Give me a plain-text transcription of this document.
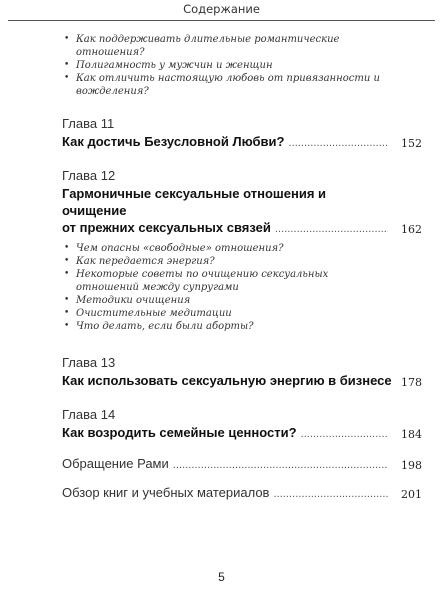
Содержание
• Как поддерживать длительные романтические отношения?
• Полигамность у мужчин и женщин
• Как отличить настоящую любовь от привязанности и вожделения?
Глава 11
Как достичь Безусловной Любви? . . .	152
Глава 12
Гармоничные сексуальные отношения и очищение
от прежних сексуальных связей . . .	162
• Чем опасны «свободные» отношения?
• Как передается энергия?
• Некоторые советы по очищению сексуальных отношений между супругами
• Методики очищения
• Очистительные медитации
• Что делать, если были аборты?
Глава 13
Как использовать сексуальную энергию в бизнесе 178
Глава 14
Как возродить семейные ценности? . . .	184
Обращение Рами . . .	198
Обзор книг и учебных материалов . . .	201
5
